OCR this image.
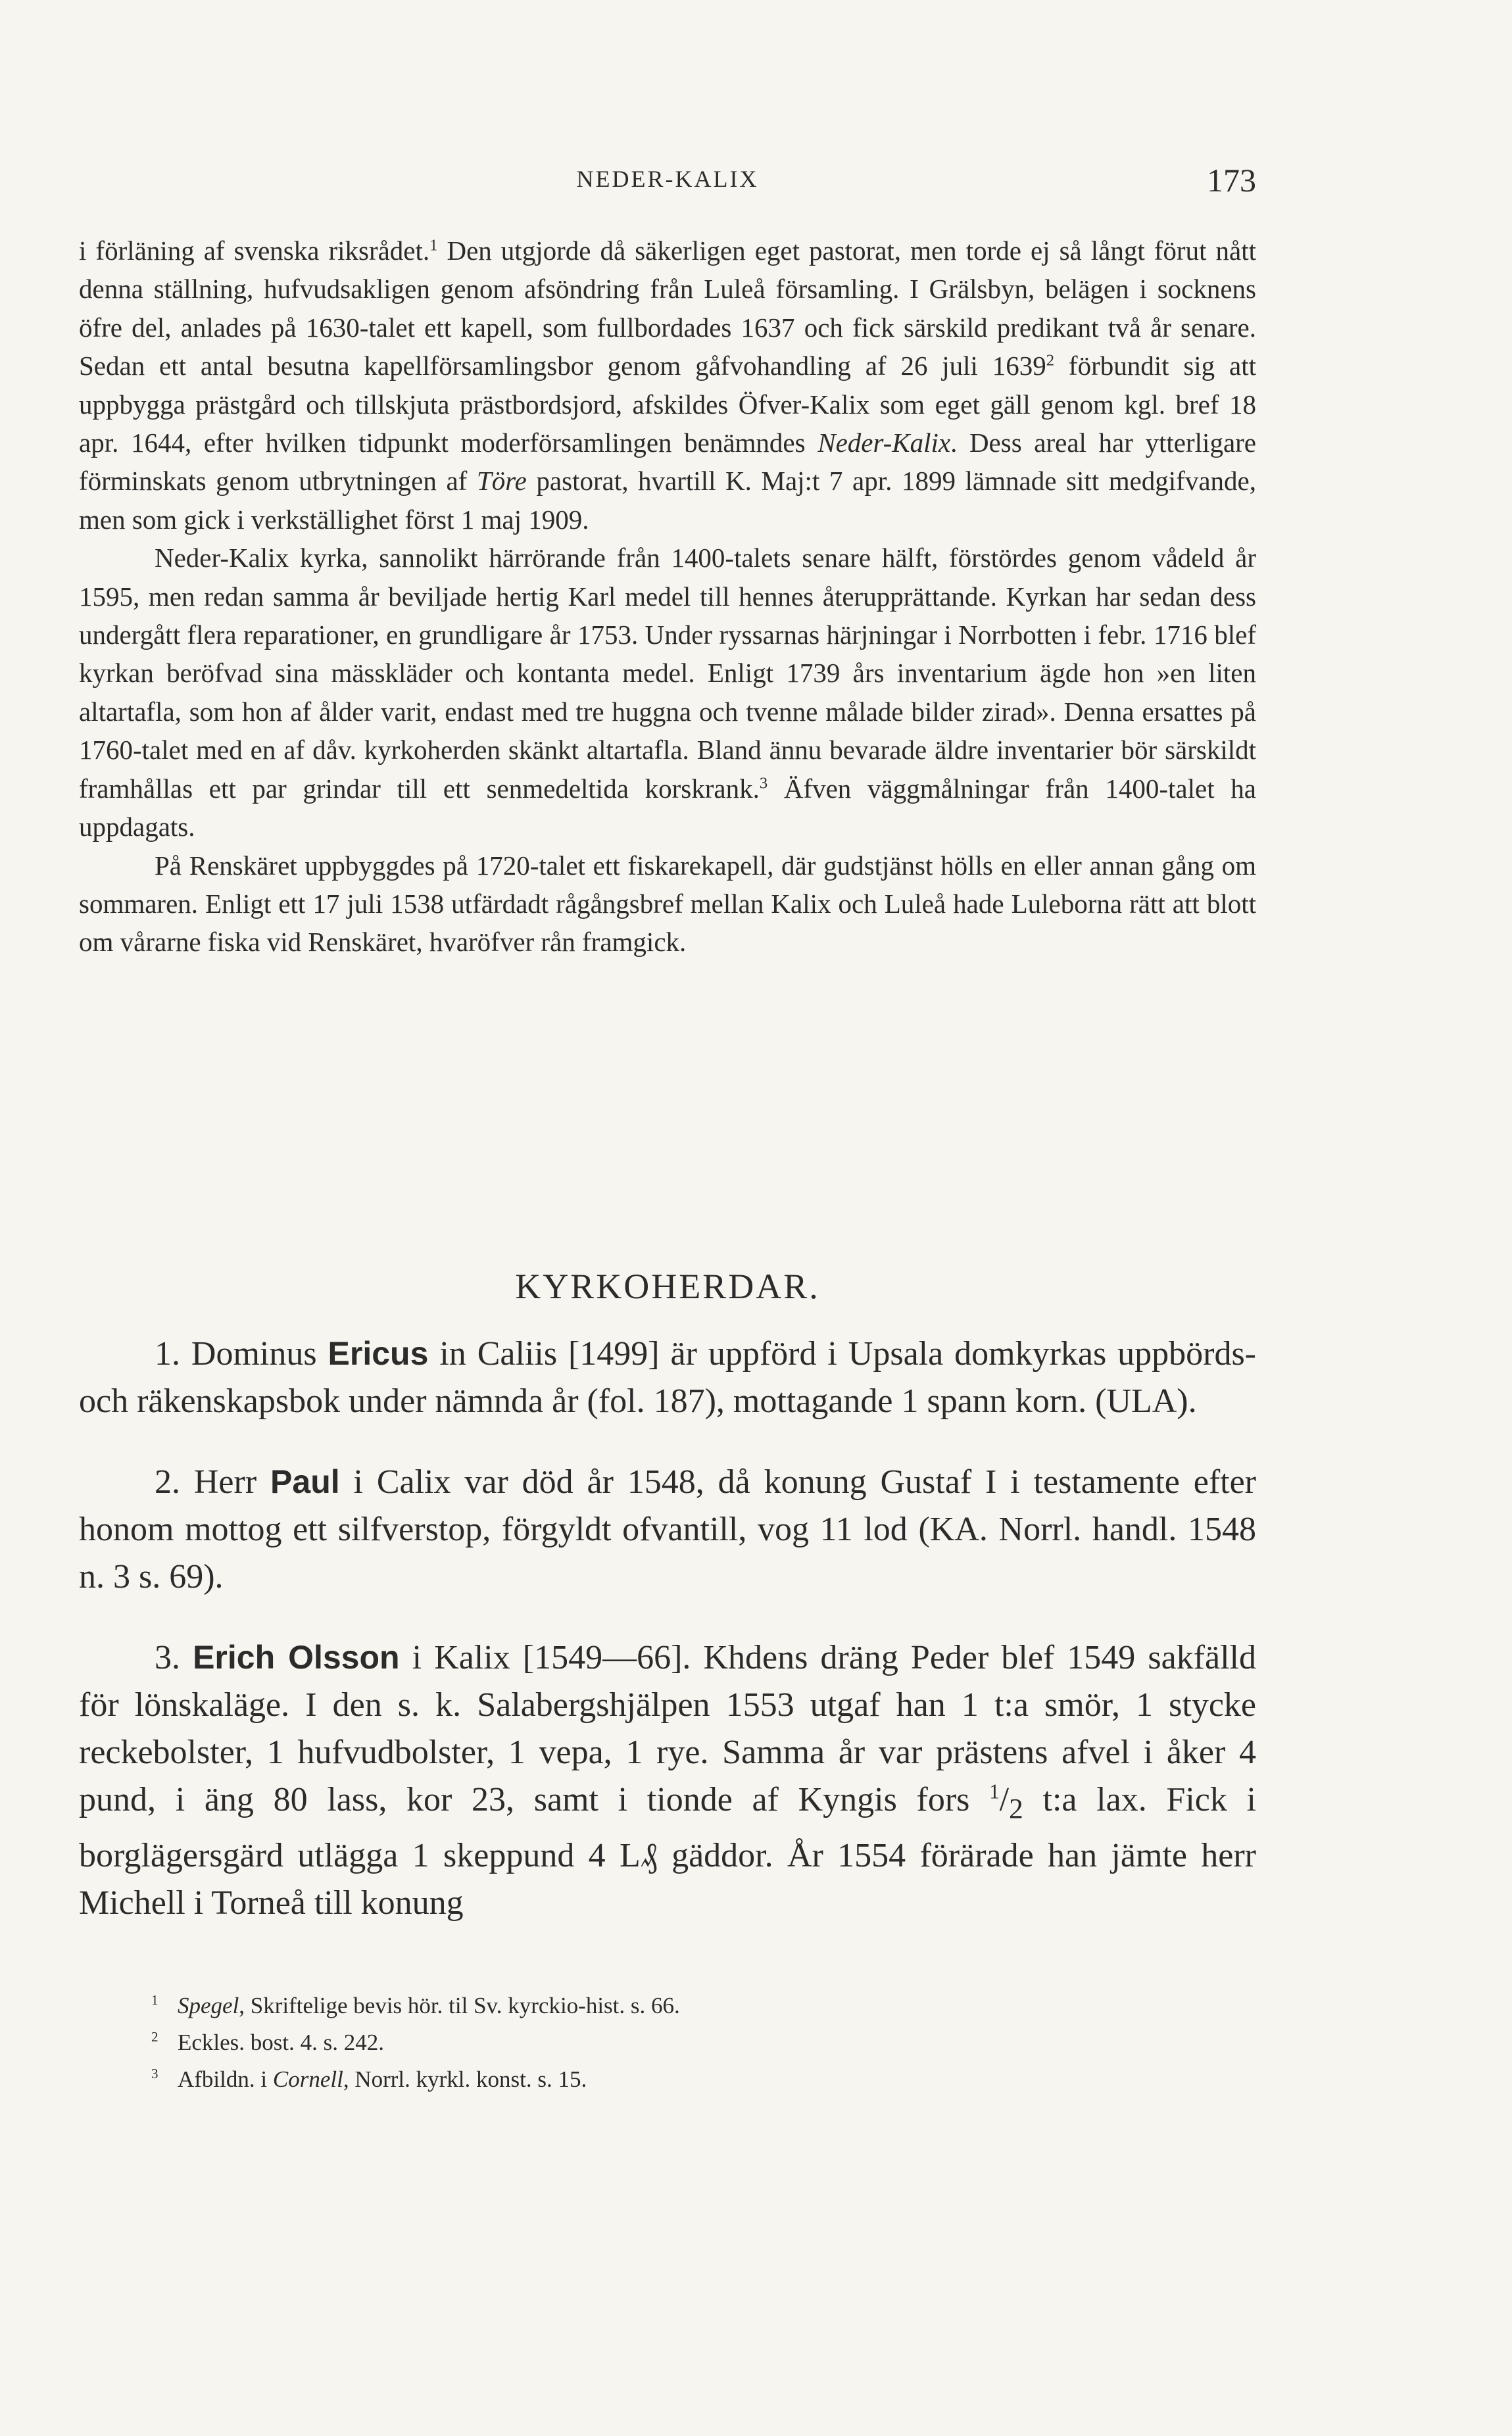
NEDER-KALIX	173

i förläning af svenska riksrådet.$^1$ Den utgjorde då säkerligen eget pastorat, men torde ej så långt förut nått denna ställning, hufvudsakligen genom afsöndring från Luleå församling. I Grälsbyn, belägen i socknens öfre del, anlades på 1630-talet ett kapell, som fullbordades 1637 och fick särskild predikant två år senare. Sedan ett antal besutna kapellförsamlingsbor genom gåfvohandling af 26 juli 1639$^2$ förbundit sig att uppbygga prästgård och tillskjuta prästbordsjord, afskildes Öfver-Kalix som eget gäll genom kgl. bref 18 apr. 1644, efter hvilken tidpunkt moderförsamlingen benämndes Neder-Kalix. Dess areal har ytterligare förminskats genom utbrytningen af Töre pastorat, hvartill K. Maj:t 7 apr. 1899 lämnade sitt medgifvande, men som gick i verkställighet först 1 maj 1909.

Neder-Kalix kyrka, sannolikt härrörande från 1400-talets senare hälft, förstördes genom vådeld år 1595, men redan samma år beviljade hertig Karl medel till hennes återupprättande. Kyrkan har sedan dess undergått flera reparationer, en grundligare år 1753. Under ryssarnas härjningar i Norrbotten i febr. 1716 blef kyrkan beröfvad sina mässkläder och kontanta medel. Enligt 1739 års inventarium ägde hon »en liten altartafla, som hon af ålder varit, endast med tre huggna och tvenne målade bilder zirad». Denna ersattes på 1760-talet med en af dåv. kyrkoherden skänkt altartafla. Bland ännu bevarade äldre inventarier bör särskildt framhållas ett par grindar till ett senmedeltida korskrank.$^3$ Äfven väggmålningar från 1400-talet ha uppdagats.

På Renskäret uppbyggdes på 1720-talet ett fiskarekapell, där gudstjänst hölls en eller annan gång om sommaren. Enligt ett 17 juli 1538 utfärdadt rågångsbref mellan Kalix och Luleå hade Luleborna rätt att blott om vårarne fiska vid Renskäret, hvaröfver rån framgick.

KYRKOHERDAR.

1. Dominus Ericus in Caliis [1499] är uppförd i Upsala domkyrkas uppbörds- och räkenskapsbok under nämnda år (fol. 187), mottagande 1 spann korn. (ULA).

2. Herr Paul i Calix var död år 1548, då konung Gustaf I i testamente efter honom mottog ett silfverstop, förgyldt ofvantill, vog 11 lod (KA. Norrl. handl. 1548 n. 3 s. 69).

3. Erich Olsson i Kalix [1549—66]. Khdens dräng Peder blef 1549 sakfälld för lönskaläge. I den s. k. Salabergshjälpen 1553 utgaf han 1 t:a smör, 1 stycke reckebolster, 1 hufvudbolster, 1 vepa, 1 rye. Samma år var prästens afvel i åker 4 pund, i äng 80 lass, kor 23, samt i tionde af Kyngis fors $^1/_2$ t:a lax. Fick i borglägersgärd utlägga 1 skeppund 4 L₰ gäddor. År 1554 förärade han jämte herr Michell i Torneå till konung

$^1$ Spegel, Skriftelige bevis hör. til Sv. kyrckio-hist. s. 66.

$^2$ Eckles. bost. 4. s. 242.

$^3$ Afbildn. i Cornell, Norrl. kyrkl. konst. s. 15.
